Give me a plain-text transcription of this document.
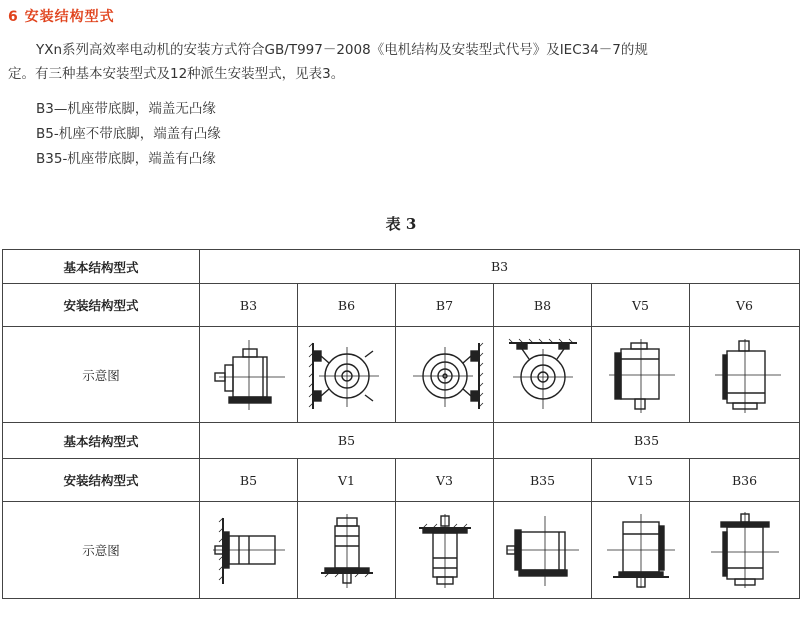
6 安装结构型式
YXn系列高效率电动机的安装方式符合GB/T997－2008《电机结构及安装型式代号》及IEC34－7的规
定。有三种基本安装型式及12种派生安装型式，见表3。
B3—机座带底脚，端盖无凸缘
B5-机座不带底脚，端盖有凸缘
B35-机座带底脚，端盖有凸缘
表 3
基本结构型式	B3					
安装结构型式	B3	B6	B7	B8	V5	V6
示意图	

基本结构型式	B5			B35		
安装结构型式	B5	V1	V3	B35	V15	B36
示意图	
